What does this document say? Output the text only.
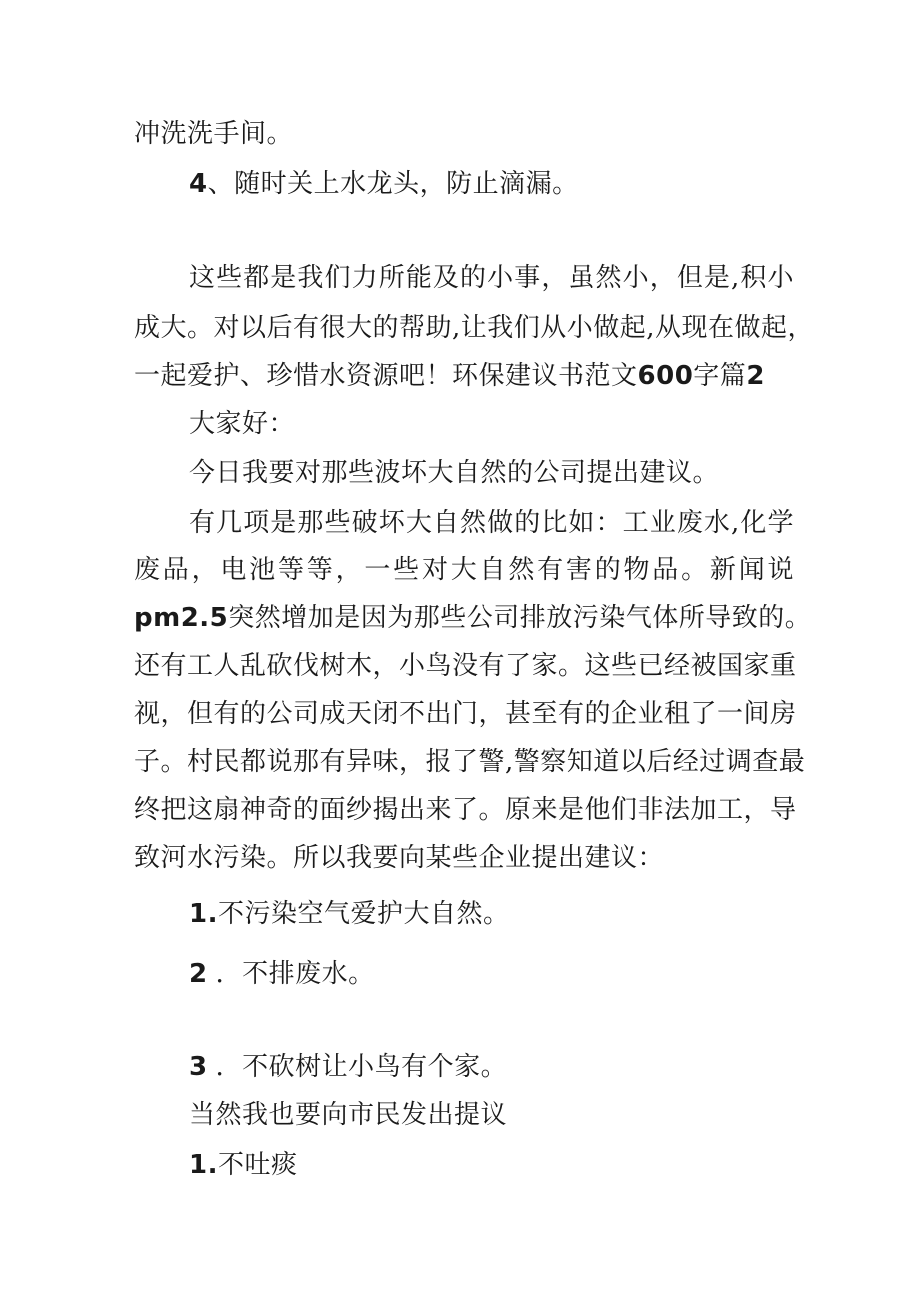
冲洗洗手间。
4、随时关上水龙头，防止滴漏。
这些都是我们力所能及的小事，虽然小，但是,积小
成大。对以后有很大的帮助,让我们从小做起,从现在做起，
一起爱护、珍惜水资源吧！环保建议书范文600字篇2
大家好：
今日我要对那些波坏大自然的公司提出建议。
有几项是那些破坏大自然做的比如：工业废水,化学
废品，电池等等，一些对大自然有害的物品。新闻说
pm2.5突然增加是因为那些公司排放污染气体所导致的。
还有工人乱砍伐树木，小鸟没有了家。这些已经被国家重
视，但有的公司成天闭不出门，甚至有的企业租了一间房
子。村民都说那有异味，报了警,警察知道以后经过调查最
终把这扇神奇的面纱揭出来了。原来是他们非法加工，导
致河水污染。所以我要向某些企业提出建议：
1.不污染空气爱护大自然。
2 ．不排废水。
3 ．不砍树让小鸟有个家。
当然我也要向市民发出提议
1.不吐痰
